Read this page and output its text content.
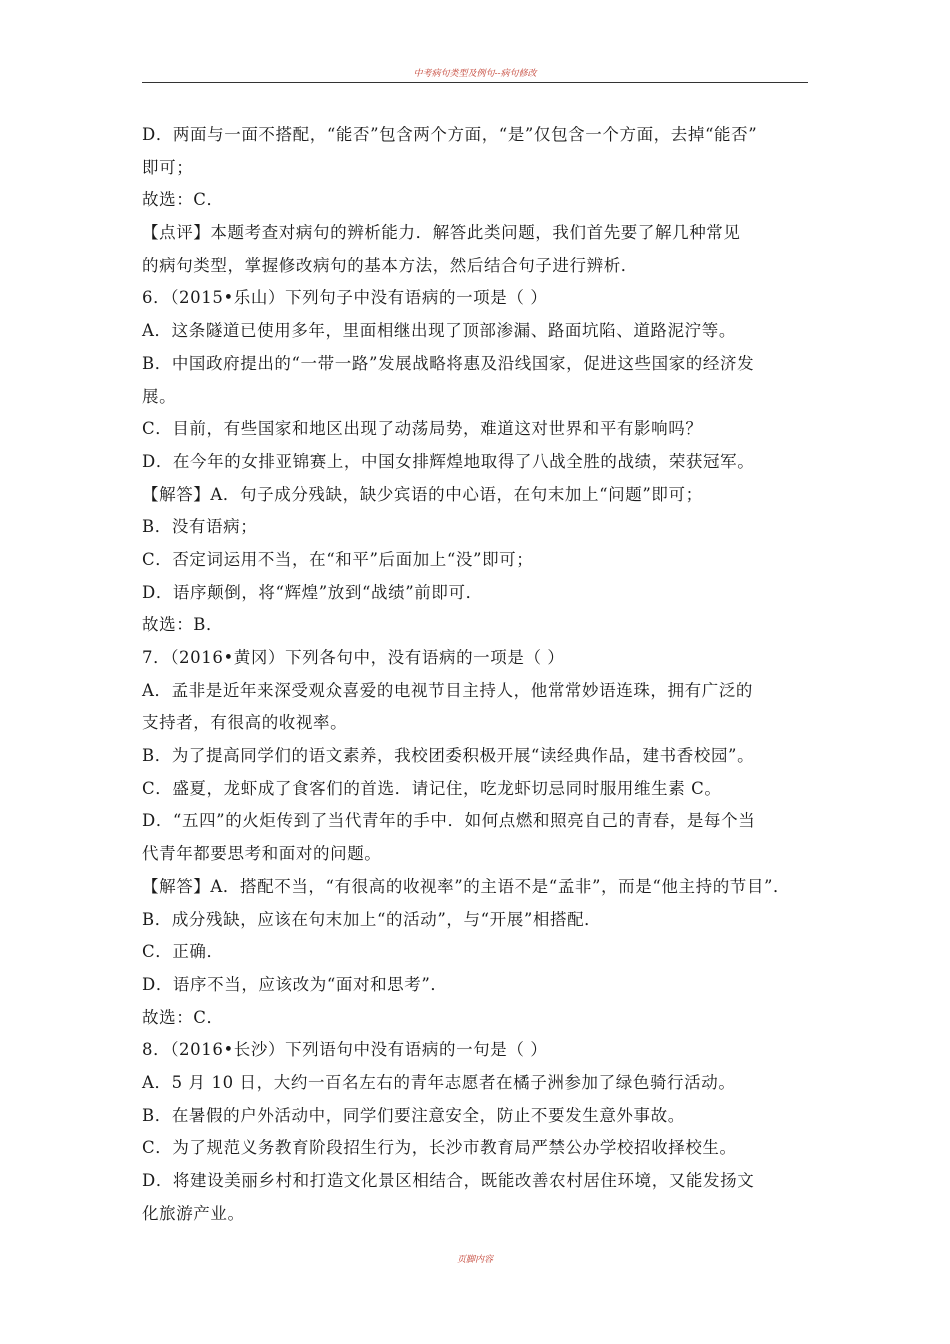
中考病句类型及例句--病句修改
D．两面与一面不搭配，“能否”包含两个方面，“是”仅包含一个方面，去掉“能否”
即可；
故选：C．
【点评】本题考查对病句的辨析能力．解答此类问题，我们首先要了解几种常见
的病句类型，掌握修改病句的基本方法，然后结合句子进行辨析．
6．（2015•乐山）下列句子中没有语病的一项是（ ）
A．这条隧道已使用多年，里面相继出现了顶部渗漏、路面坑陷、道路泥泞等。
B．中国政府提出的“一带一路”发展战略将惠及沿线国家，促进这些国家的经济发
展。
C．目前，有些国家和地区出现了动荡局势，难道这对世界和平有影响吗？
D．在今年的女排亚锦赛上，中国女排辉煌地取得了八战全胜的战绩，荣获冠军。
【解答】A．句子成分残缺，缺少宾语的中心语，在句末加上“问题”即可；
B．没有语病；
C．否定词运用不当，在“和平”后面加上“没”即可；
D．语序颠倒，将“辉煌”放到“战绩”前即可．
故选：B．
7．（2016•黄冈）下列各句中，没有语病的一项是（ ）
A．孟非是近年来深受观众喜爱的电视节目主持人，他常常妙语连珠，拥有广泛的
支持者，有很高的收视率。
B．为了提高同学们的语文素养，我校团委积极开展“读经典作品，建书香校园”。
C．盛夏，龙虾成了食客们的首选．请记住，吃龙虾切忌同时服用维生素 C。
D．“五四”的火炬传到了当代青年的手中．如何点燃和照亮自己的青春，是每个当
代青年都要思考和面对的问题。
【解答】A．搭配不当，“有很高的收视率”的主语不是“孟非”，而是“他主持的节目”．
B．成分残缺，应该在句末加上“的活动”，与“开展”相搭配．
C．正确．
D．语序不当，应该改为“面对和思考”．
故选：C．
8．（2016•长沙）下列语句中没有语病的一句是（ ）
A．5 月 10 日，大约一百名左右的青年志愿者在橘子洲参加了绿色骑行活动。
B．在暑假的户外活动中，同学们要注意安全，防止不要发生意外事故。
C．为了规范义务教育阶段招生行为，长沙市教育局严禁公办学校招收择校生。
D．将建设美丽乡村和打造文化景区相结合，既能改善农村居住环境，又能发扬文
化旅游产业。
页脚内容
